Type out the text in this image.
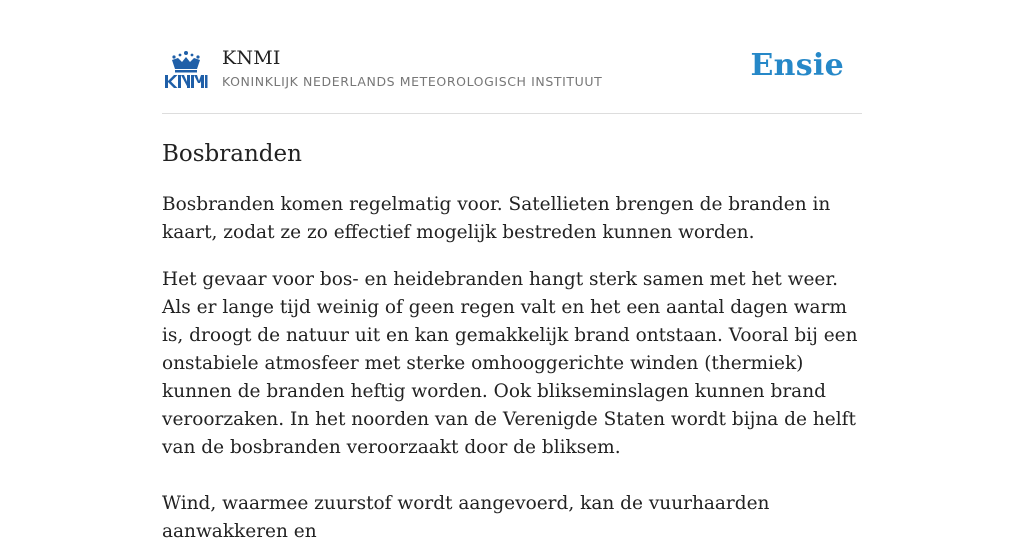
KNMI
KONINKLIJK NEDERLANDS METEOROLOGISCH INSTITUUT	Ensie
Bosbranden

Bosbranden komen regelmatig voor. Satellieten brengen de branden in kaart, zodat ze zo effectief mogelijk bestreden kunnen worden.

Het gevaar voor bos- en heidebranden hangt sterk samen met het weer. Als er lange tijd weinig of geen regen valt en het een aantal dagen warm is, droogt de natuur uit en kan gemakkelijk brand ontstaan. Vooral bij een onstabiele atmosfeer met sterke omhooggerichte winden (thermiek) kunnen de branden heftig worden. Ook blikseminslagen kunnen brand veroorzaken. In het noorden van de Verenigde Staten wordt bijna de helft van de bosbranden veroorzaakt door de bliksem.

Wind, waarmee zuurstof wordt aangevoerd, kan de vuurhaarden aanwakkeren en
